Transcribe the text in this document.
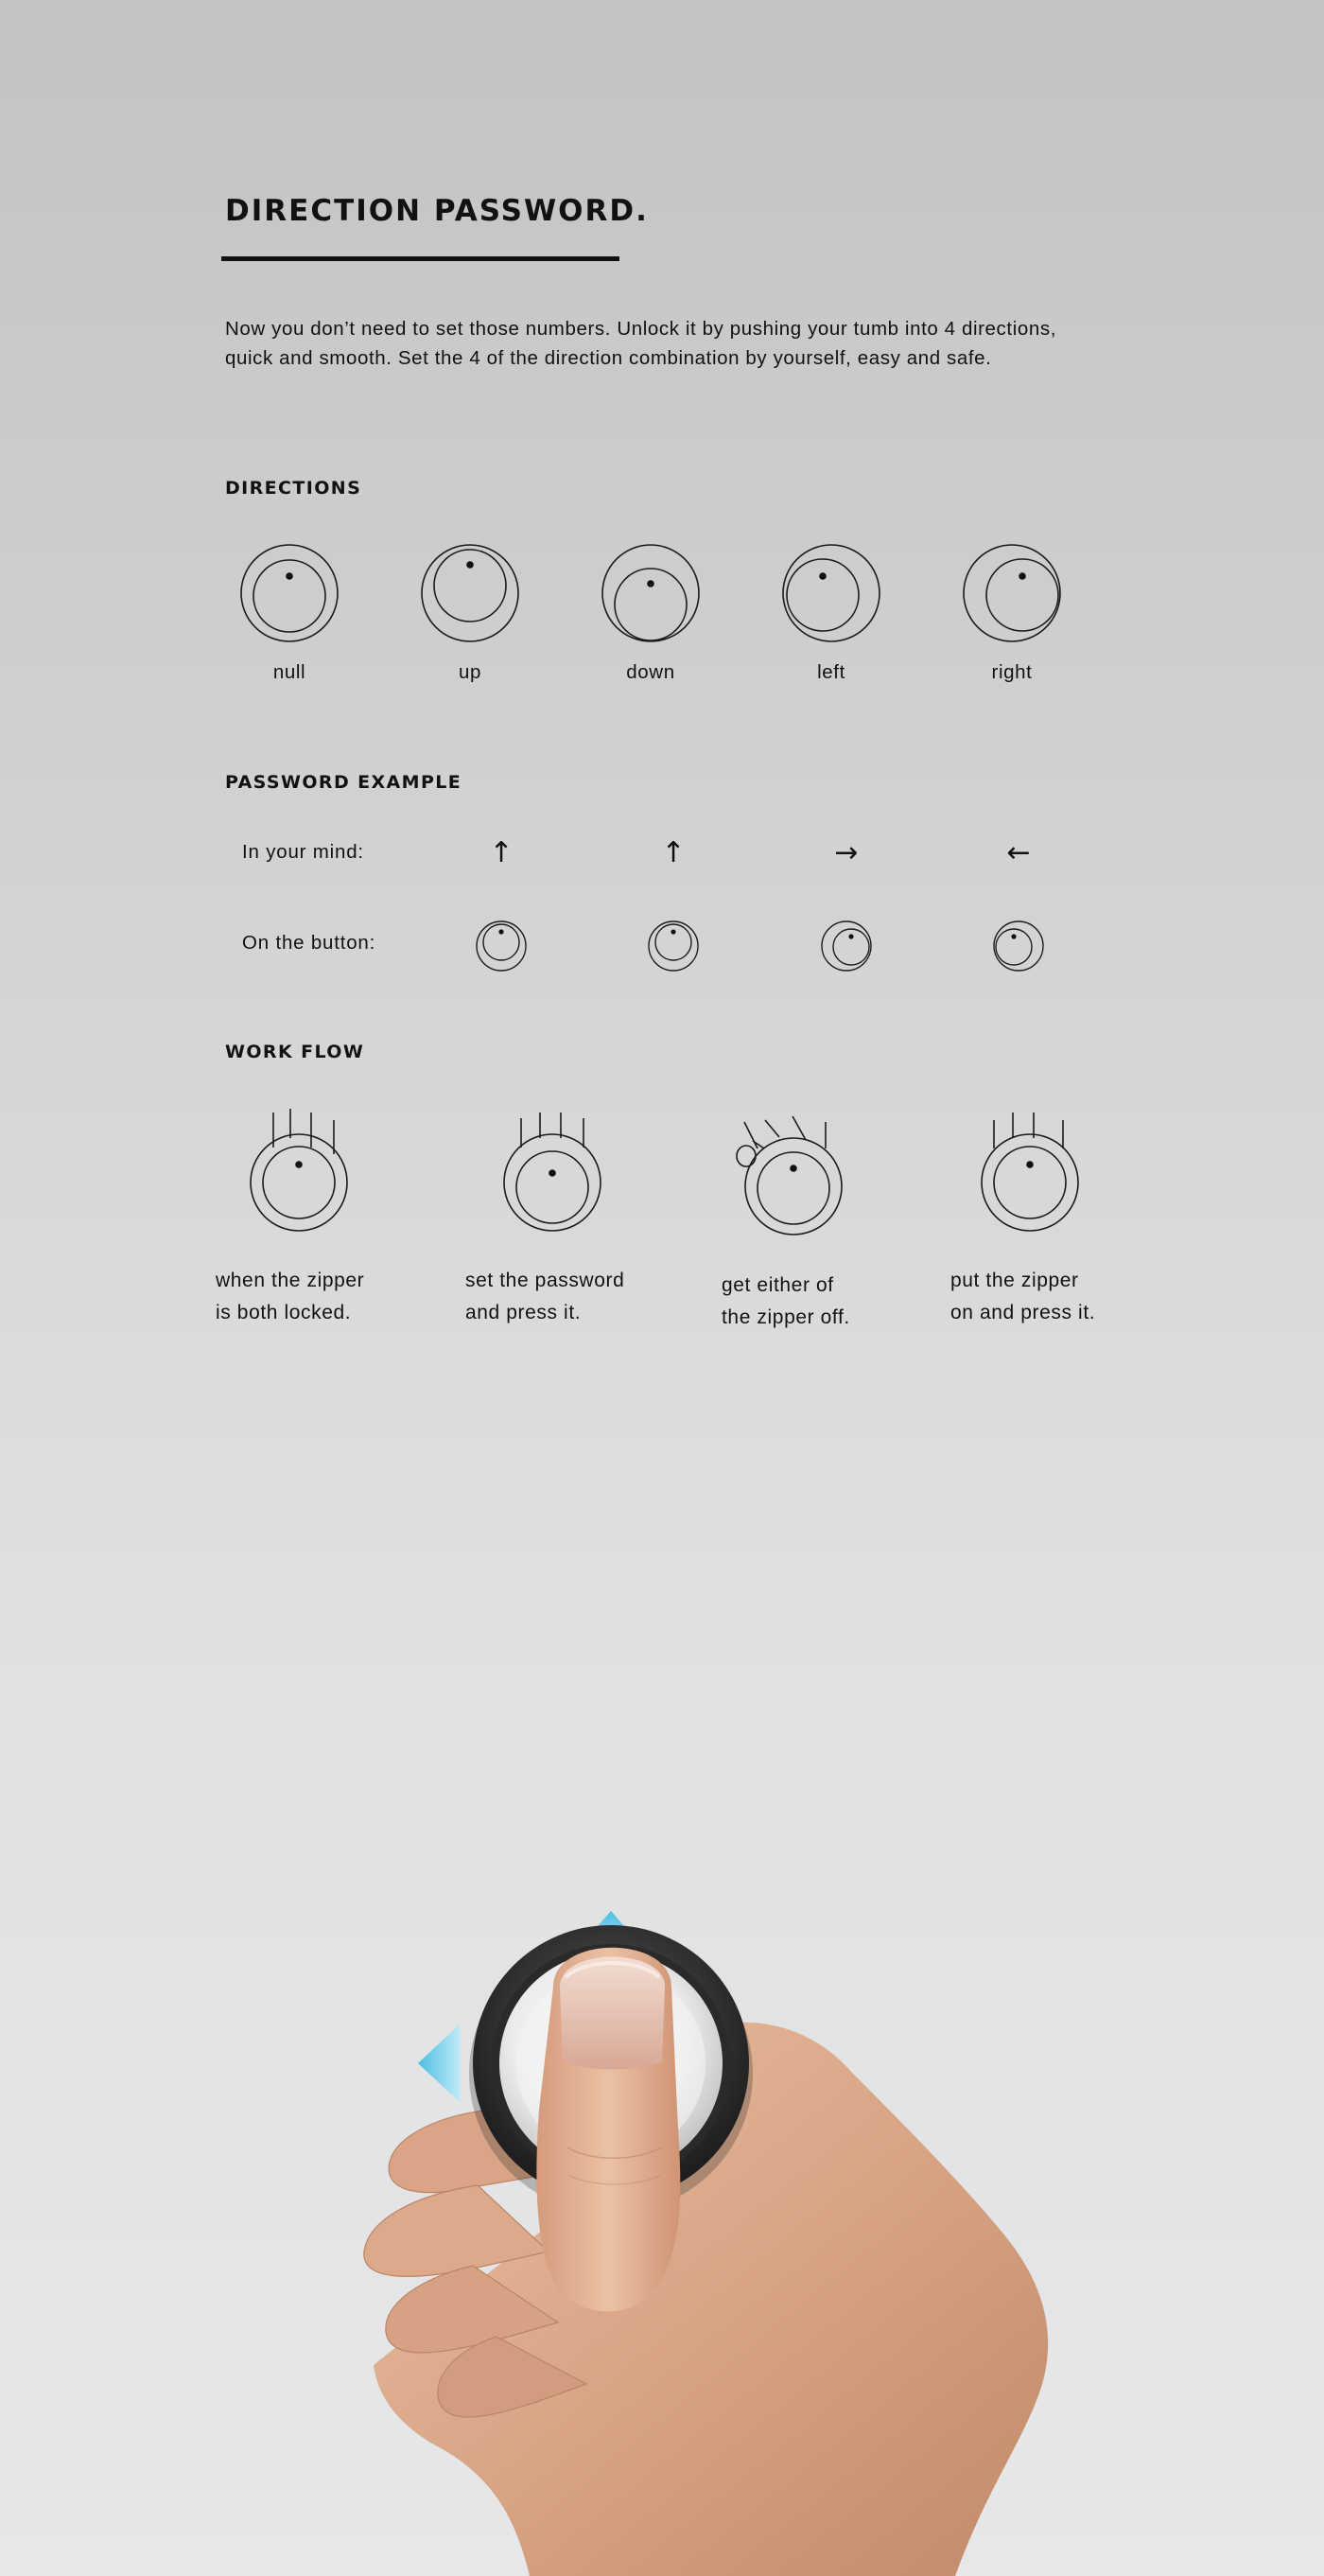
DIRECTION PASSWORD.

Now you don’t need to set those numbers. Unlock it by pushing your tumb into 4 directions, quick and smooth. Set the 4 of the direction combination by yourself, easy and safe.

DIRECTIONS
null	up	down	left	right
PASSWORD EXAMPLE
In your mind:	↑	↑	→	←
On the button:
WORK FLOW

when the zipper

is both locked.

set the password

and press it.

get either of

the zipper off.

put the zipper

on and press it.
